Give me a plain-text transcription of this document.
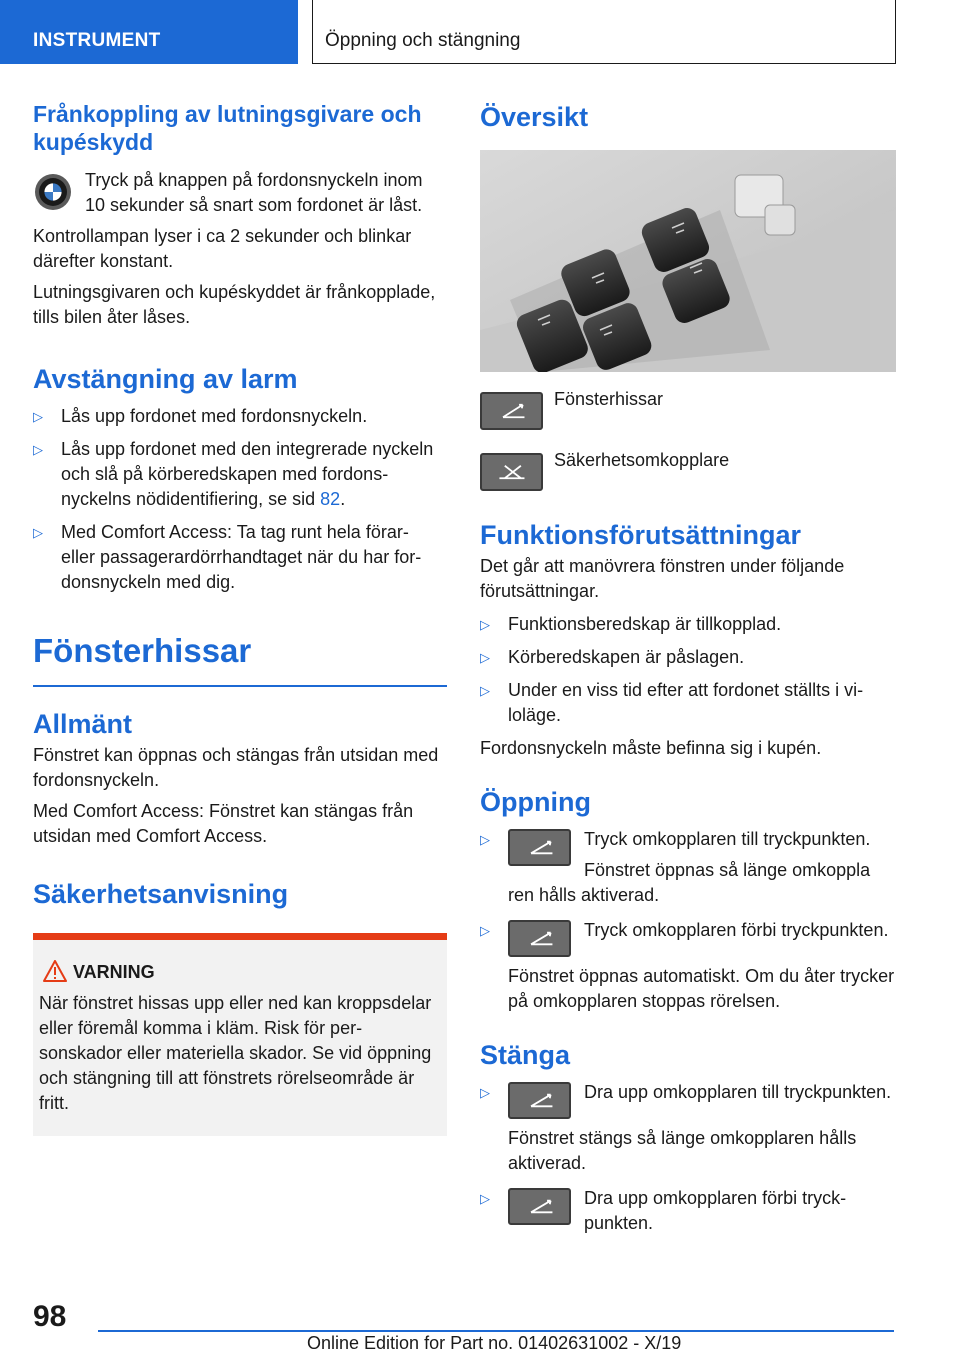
INSTRUMENT	Öppning och stängning
Frånkoppling av lutningsgivare och kupéskydd
Tryck på knappen på fordonsnyckeln inom 10 sekunder så snart som fordonet är låst.

Kontrollampan lyser i ca 2 sekunder och blinkar därefter konstant.

Lutningsgivaren och kupéskyddet är frånkopplade, tills bilen åter låses.

Avstängning av larm
▷ Lås upp fordonet med fordonsnyckeln.
▷ Lås upp fordonet med den integrerade nyckeln och slå på körberedskapen med fordonsnyckelns nödidentifiering, se sid 82.
▷ Med Comfort Access: Ta tag runt hela förar- eller passagerardörrhandtaget när du har fordonsnyckeln med dig.
Fönsterhissar
Allmänt

Fönstret kan öppnas och stängas från utsidan med fordonsnyckeln.

Med Comfort Access: Fönstret kan stängas från utsidan med Comfort Access.

Säkerhetsanvisning
VARNING

När fönstret hissas upp eller ned kan kroppsdelar eller föremål komma i kläm. Risk för personskador eller materiella skador. Se vid öppning och stängning till att fönstrets rörelseområde är fritt.

Översikt
Fönsterhissar
Säkerhetsomkopplare
Funktionsförutsättningar

Det går att manövrera fönstren under följande förutsättningar.

▷ Funktionsberedskap är tillkopplad.
▷ Körberedskapen är påslagen.
▷ Under en viss tid efter att fordonet ställts i viloläge.

Fordonsnyckeln måste befinna sig i kupén.

Öppning
▷	Tryck omkopplaren till tryckpunkten.
Fönstret öppnas så länge omkoppla
ren hålls aktiverad.
▷	Tryck omkopplaren förbi tryckpunkten.
Fönstret öppnas automatiskt. Om du åter trycker på omkopplaren stoppas rörelsen.
Stänga
▷	Dra upp omkopplaren till tryckpunkten.
Fönstret stängs så länge omkopplaren hålls aktiverad.
▷	Dra upp omkopplaren förbi tryckpunkten.
98
Online Edition for Part no. 01402631002 - X/19
